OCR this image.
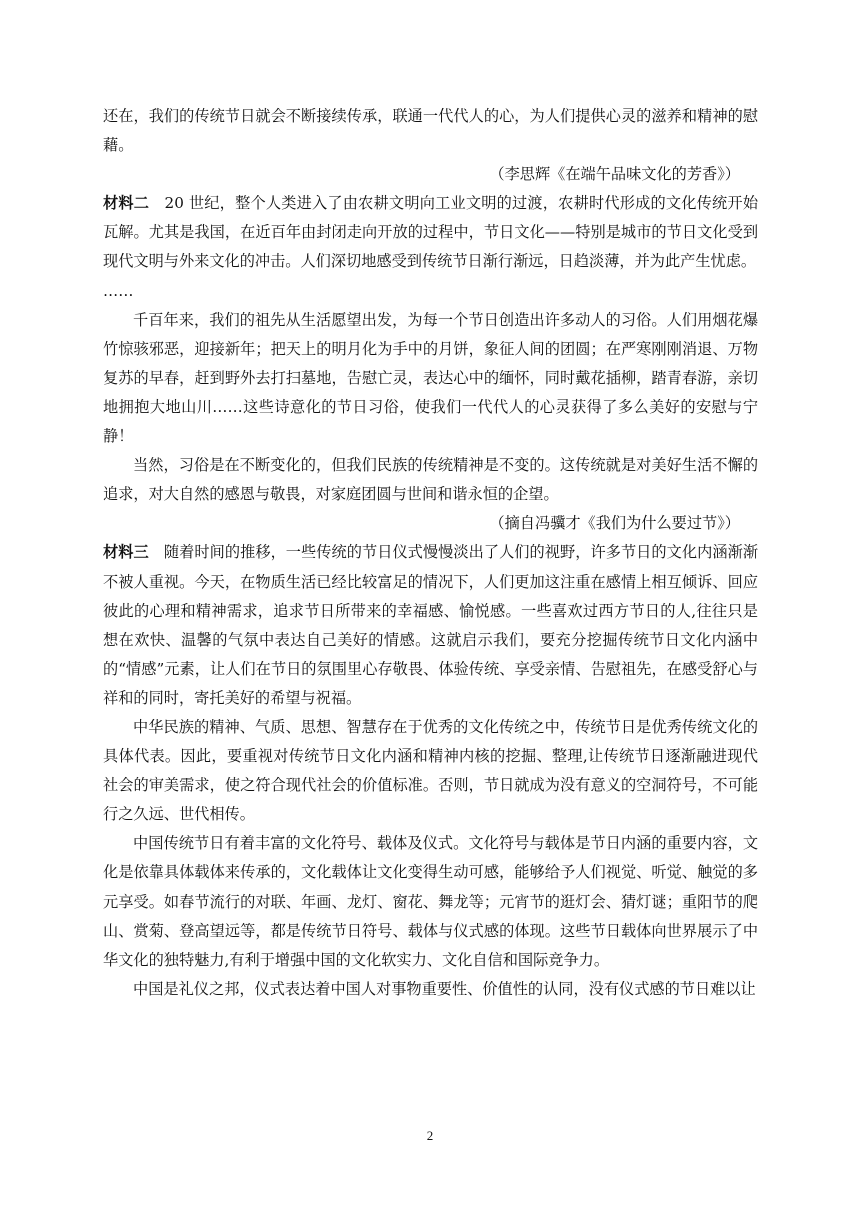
还在，我们的传统节日就会不断接续传承，联通一代代人的心，为人们提供心灵的滋养和精神的慰藉。

（李思辉《在端午品味文化的芳香》）

材料二　20 世纪，整个人类进入了由农耕文明向工业文明的过渡，农耕时代形成的文化传统开始瓦解。尤其是我国，在近百年由封闭走向开放的过程中，节日文化——特别是城市的节日文化受到现代文明与外来文化的冲击。人们深切地感受到传统节日渐行渐远，日趋淡薄，并为此产生忧虑。

……

千百年来，我们的祖先从生活愿望出发，为每一个节日创造出许多动人的习俗。人们用烟花爆竹惊骇邪恶，迎接新年；把天上的明月化为手中的月饼，象征人间的团圆；在严寒刚刚消退、万物复苏的早春，赶到野外去打扫墓地，告慰亡灵，表达心中的缅怀，同时戴花插柳，踏青春游，亲切地拥抱大地山川……这些诗意化的节日习俗，使我们一代代人的心灵获得了多么美好的安慰与宁静！

当然，习俗是在不断变化的，但我们民族的传统精神是不变的。这传统就是对美好生活不懈的追求，对大自然的感恩与敬畏，对家庭团圆与世间和谐永恒的企望。

（摘自冯骥才《我们为什么要过节》）

材料三　随着时间的推移，一些传统的节日仪式慢慢淡出了人们的视野，许多节日的文化内涵渐渐不被人重视。今天，在物质生活已经比较富足的情况下，人们更加这注重在感情上相互倾诉、回应彼此的心理和精神需求，追求节日所带来的幸福感、愉悦感。一些喜欢过西方节日的人,往往只是想在欢快、温馨的气氛中表达自己美好的情感。这就启示我们，要充分挖掘传统节日文化内涵中的“情感”元素，让人们在节日的氛围里心存敬畏、体验传统、享受亲情、告慰祖先，在感受舒心与祥和的同时，寄托美好的希望与祝福。

中华民族的精神、气质、思想、智慧存在于优秀的文化传统之中，传统节日是优秀传统文化的具体代表。因此，要重视对传统节日文化内涵和精神内核的挖掘、整理,让传统节日逐渐融进现代社会的审美需求，使之符合现代社会的价值标准。否则，节日就成为没有意义的空洞符号，不可能行之久远、世代相传。

中国传统节日有着丰富的文化符号、载体及仪式。文化符号与载体是节日内涵的重要内容，文化是依靠具体载体来传承的，文化载体让文化变得生动可感，能够给予人们视觉、听觉、触觉的多元享受。如春节流行的对联、年画、龙灯、窗花、舞龙等；元宵节的逛灯会、猜灯谜；重阳节的爬山、赏菊、登高望远等，都是传统节日符号、载体与仪式感的体现。这些节日载体向世界展示了中华文化的独特魅力,有利于增强中国的文化软实力、文化自信和国际竞争力。

中国是礼仪之邦，仪式表达着中国人对事物重要性、价值性的认同，没有仪式感的节日难以让

2
